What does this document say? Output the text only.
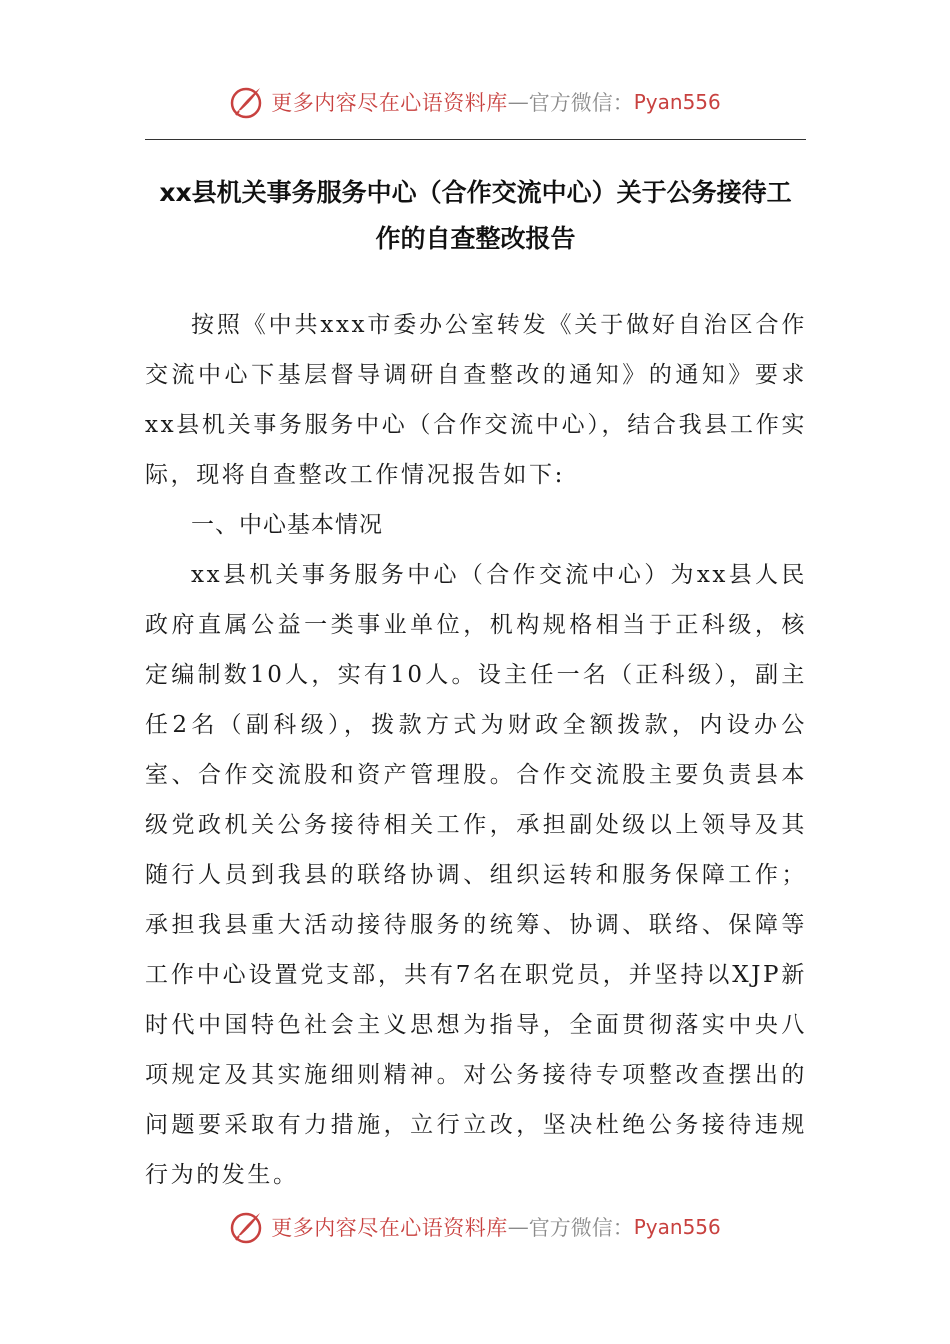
更多内容尽在心语资料库 — 官方微信： Pyan556
xx县机关事务服务中心（合作交流中心）关于公务接待工
作的自查整改报告

按照《中共xxx市委办公室转发《关于做好自治区合作交流中心下基层督导调研自查整改的通知》的通知》要求xx县机关事务服务中心（合作交流中心），结合我县工作实际，现将自查整改工作情况报告如下:

一、中心基本情况

xx县机关事务服务中心（合作交流中心）为xx县人民政府直属公益一类事业单位，机构规格相当于正科级，核定编制数10人，实有10人。设主任一名（正科级），副主任2名（副科级），拨款方式为财政全额拨款，内设办公室、合作交流股和资产管理股。合作交流股主要负责县本级党政机关公务接待相关工作，承担副处级以上领导及其随行人员到我县的联络协调、组织运转和服务保障工作；承担我县重大活动接待服务的统筹、协调、联络、保障等工作中心设置党支部，共有7名在职党员，并坚持以XJP新时代中国特色社会主义思想为指导，全面贯彻落实中央八项规定及其实施细则精神。对公务接待专项整改查摆出的问题要采取有力措施，立行立改，坚决杜绝公务接待违规行为的发生。

更多内容尽在心语资料库 — 官方微信： Pyan556
